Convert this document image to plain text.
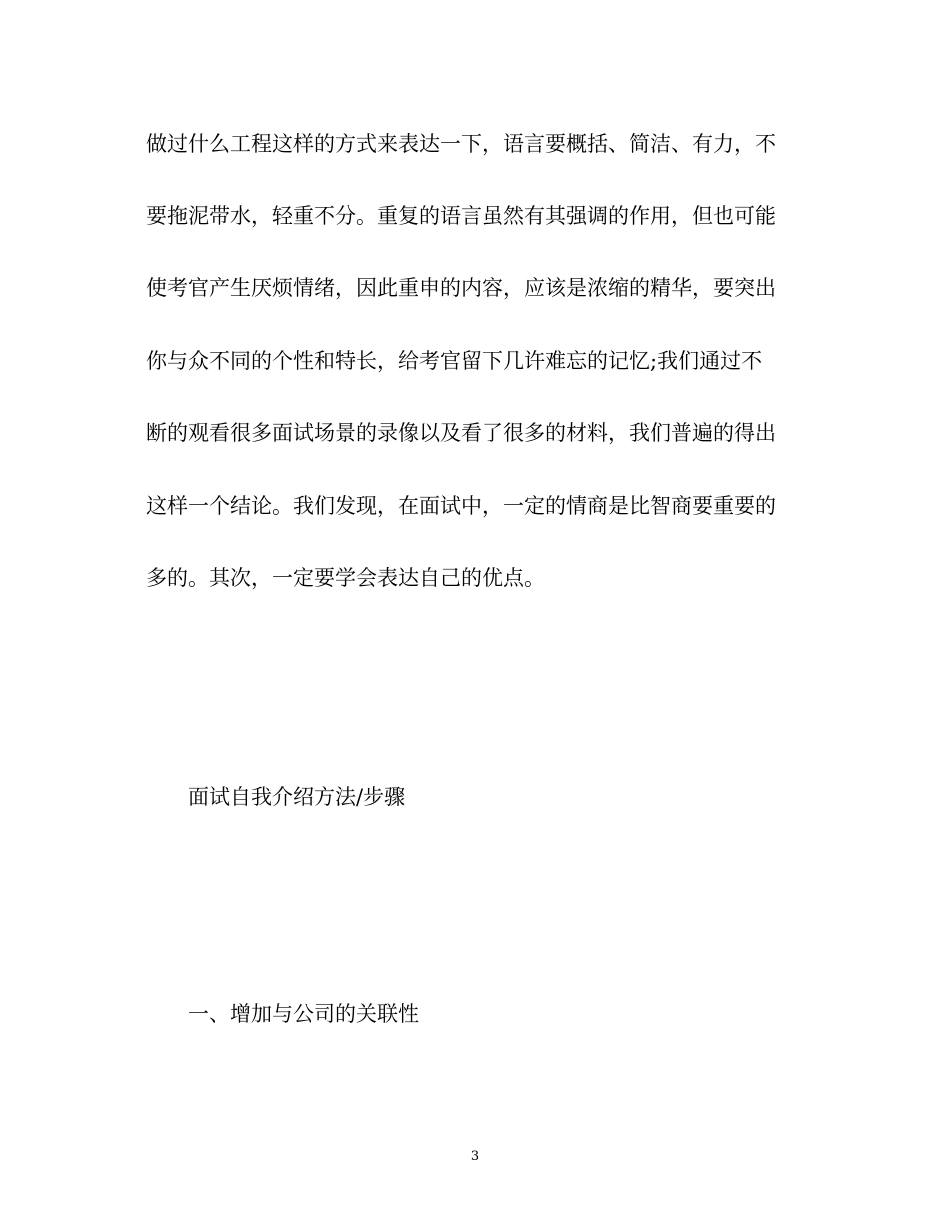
做过什么工程这样的方式来表达一下，语言要概括、简洁、有力，不

要拖泥带水，轻重不分。重复的语言虽然有其强调的作用，但也可能

使考官产生厌烦情绪，因此重申的内容，应该是浓缩的精华，要突出

你与众不同的个性和特长，给考官留下几许难忘的记忆;我们通过不

断的观看很多面试场景的录像以及看了很多的材料，我们普遍的得出

这样一个结论。我们发现，在面试中，一定的情商是比智商要重要的

多的。其次，一定要学会表达自己的优点。

面试自我介绍方法/步骤

一、增加与公司的关联性

3
